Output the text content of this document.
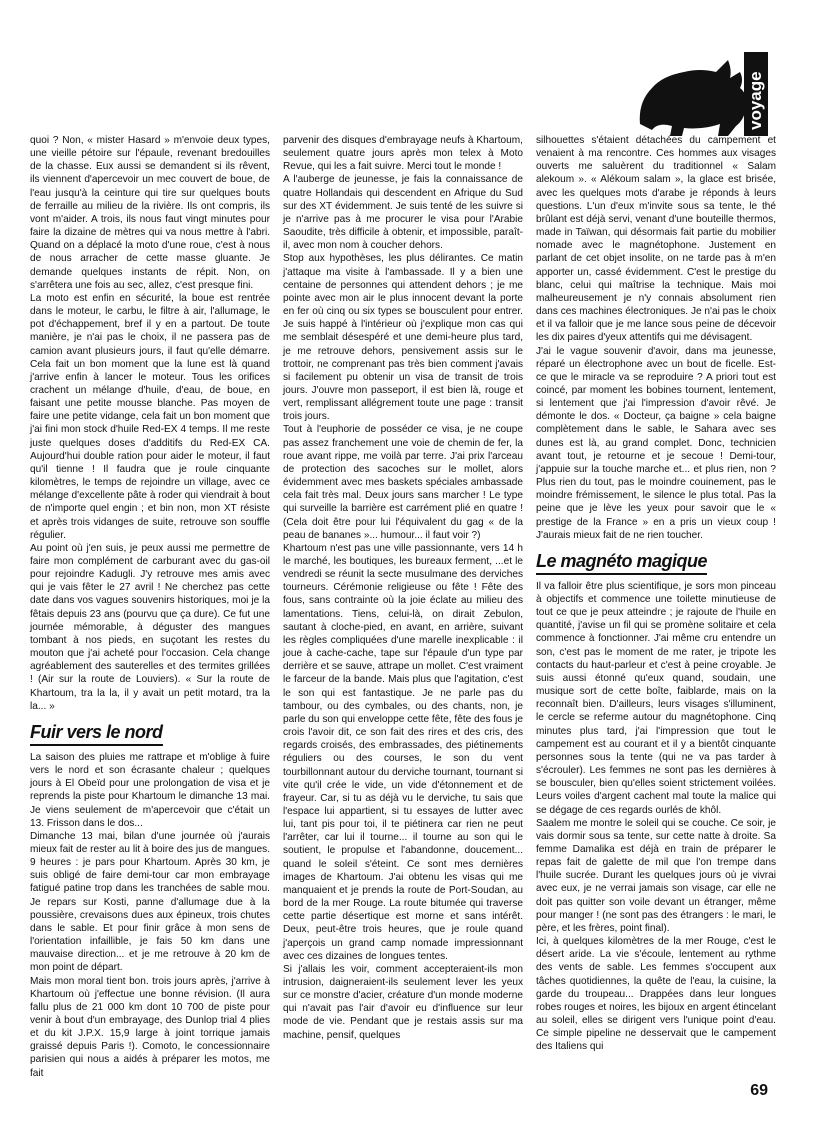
voyage

quoi ? Non, « mister Hasard » m'envoie deux types, une vieille pétoire sur l'épaule, revenant bredouilles de la chasse. Eux aussi se demandent si ils rêvent, ils viennent d'apercevoir un mec couvert de boue, de l'eau jusqu'à la ceinture qui tire sur quelques bouts de ferraille au milieu de la rivière. Ils ont compris, ils vont m'aider. A trois, ils nous faut vingt minutes pour faire la dizaine de mètres qui va nous mettre à l'abri. Quand on a déplacé la moto d'une roue, c'est à nous de nous arracher de cette masse gluante. Je demande quelques instants de répit. Non, on s'arrêtera une fois au sec, allez, c'est presque fini.

La moto est enfin en sécurité, la boue est rentrée dans le moteur, le carbu, le filtre à air, l'allumage, le pot d'échappement, bref il y en a partout. De toute manière, je n'ai pas le choix, il ne passera pas de camion avant plusieurs jours, il faut qu'elle démarre. Cela fait un bon moment que la lune est là quand j'arrive enfin à lancer le moteur. Tous les orifices crachent un mélange d'huile, d'eau, de boue, en faisant une petite mousse blanche. Pas moyen de faire une petite vidange, cela fait un bon moment que j'ai fini mon stock d'huile Red-EX 4 temps. Il me reste juste quelques doses d'additifs du Red-EX CA. Aujourd'hui double ration pour aider le moteur, il faut qu'il tienne ! Il faudra que je roule cinquante kilomètres, le temps de rejoindre un village, avec ce mélange d'excellente pâte à roder qui viendrait à bout de n'importe quel engin ; et bin non, mon XT résiste et après trois vidanges de suite, retrouve son souffle régulier.

Au point où j'en suis, je peux aussi me permettre de faire mon complément de carburant avec du gas-oil pour rejoindre Kadugli. J'y retrouve mes amis avec qui je vais fêter le 27 avril ! Ne cherchez pas cette date dans vos vagues souvenirs historiques, moi je la fêtais depuis 23 ans (pourvu que ça dure). Ce fut une journée mémorable, à déguster des mangues tombant à nos pieds, en suçotant les restes du mouton que j'ai acheté pour l'occasion. Cela change agréablement des sauterelles et des termites grillées ! (Air sur la route de Louviers). « Sur la route de Khartoum, tra la la, il y avait un petit motard, tra la la... »

Fuir vers le nord

La saison des pluies me rattrape et m'oblige à fuire vers le nord et son écrasante chaleur ; quelques jours à El Obeïd pour une prolongation de visa et je reprends la piste pour Khartoum le dimanche 13 mai. Je viens seulement de m'apercevoir que c'était un 13. Frisson dans le dos...

Dimanche 13 mai, bilan d'une journée où j'aurais mieux fait de rester au lit à boire des jus de mangues. 9 heures : je pars pour Khartoum. Après 30 km, je suis obligé de faire demi-tour car mon embrayage fatigué patine trop dans les tranchées de sable mou. Je repars sur Kosti, panne d'allumage due à la poussière, crevaisons dues aux épineux, trois chutes dans le sable. Et pour finir grâce à mon sens de l'orientation infaillible, je fais 50 km dans une mauvaise direction... et je me retrouve à 20 km de mon point de départ.

Mais mon moral tient bon. trois jours après, j'arrive à Khartoum où j'effectue une bonne révision. (Il aura fallu plus de 21 000 km dont 10 700 de piste pour venir à bout d'un embrayage, des Dunlop trial 4 plies et du kit J.P.X. 15,9 large à joint torrique jamais graissé depuis Paris !). Comoto, le concessionnaire parisien qui nous a aidés à préparer les motos, me fait

parvenir des disques d'embrayage neufs à Khartoum, seulement quatre jours après mon telex à Moto Revue, qui les a fait suivre. Merci tout le monde !

A l'auberge de jeunesse, je fais la connaissance de quatre Hollandais qui descendent en Afrique du Sud sur des XT évidemment. Je suis tenté de les suivre si je n'arrive pas à me procurer le visa pour l'Arabie Saoudite, très difficile à obtenir, et impossible, paraît-il, avec mon nom à coucher dehors.

Stop aux hypothèses, les plus délirantes. Ce matin j'attaque ma visite à l'ambassade. Il y a bien une centaine de personnes qui attendent dehors ; je me pointe avec mon air le plus innocent devant la porte en fer où cinq ou six types se bousculent pour entrer. Je suis happé à l'intérieur où j'explique mon cas qui me semblait désespéré et une demi-heure plus tard, je me retrouve dehors, pensivement assis sur le trottoir, ne comprenant pas très bien comment j'avais si facilement pu obtenir un visa de transit de trois jours. J'ouvre mon passeport, il est bien là, rouge et vert, remplissant allégrement toute une page : transit trois jours.

Tout à l'euphorie de posséder ce visa, je ne coupe pas assez franchement une voie de chemin de fer, la roue avant rippe, me voilà par terre. J'ai prix l'arceau de protection des sacoches sur le mollet, alors évidemment avec mes baskets spéciales ambassade cela fait très mal. Deux jours sans marcher ! Le type qui surveille la barrière est carrément plié en quatre ! (Cela doit être pour lui l'équivalent du gag « de la peau de bananes »... humour... il faut voir ?)

Khartoum n'est pas une ville passionnante, vers 14 h le marché, les boutiques, les bureaux ferment, ...et le vendredi se réunit la secte musulmane des derviches tourneurs. Cérémonie religieuse ou fête ! Fête des fous, sans contrainte où la joie éclate au milieu des lamentations. Tiens, celui-là, on dirait Zebulon, sautant à cloche-pied, en avant, en arrière, suivant les règles compliquées d'une marelle inexplicable : il joue à cache-cache, tape sur l'épaule d'un type par derrière et se sauve, attrape un mollet. C'est vraiment le farceur de la bande. Mais plus que l'agitation, c'est le son qui est fantastique. Je ne parle pas du tambour, ou des cymbales, ou des chants, non, je parle du son qui enveloppe cette fête, fête des fous je crois l'avoir dit, ce son fait des rires et des cris, des regards croisés, des embrassades, des piétinements réguliers ou des courses, le son du vent tourbillonnant autour du derviche tournant, tournant si vite qu'il crée le vide, un vide d'étonnement et de frayeur. Car, si tu as déjà vu le derviche, tu sais que l'espace lui appartient, si tu essayes de lutter avec lui, tant pis pour toi, il te piétinera car rien ne peut l'arrêter, car lui il tourne... il tourne au son qui le soutient, le propulse et l'abandonne, doucement... quand le soleil s'éteint. Ce sont mes dernières images de Khartoum. J'ai obtenu les visas qui me manquaient et je prends la route de Port-Soudan, au bord de la mer Rouge. La route bitumée qui traverse cette partie désertique est morne et sans intérêt. Deux, peut-être trois heures, que je roule quand j'aperçois un grand camp nomade impressionnant avec ces dizaines de longues tentes.

Si j'allais les voir, comment accepteraient-ils mon intrusion, daigneraient-ils seulement lever les yeux sur ce monstre d'acier, créature d'un monde moderne qui n'avait pas l'air d'avoir eu d'influence sur leur mode de vie. Pendant que je restais assis sur ma machine, pensif, quelques

silhouettes s'étaient détachées du campement et venaient à ma rencontre. Ces hommes aux visages ouverts me saluèrent du traditionnel « Salam alekoum ». « Alékoum salam », la glace est brisée, avec les quelques mots d'arabe je réponds à leurs questions. L'un d'eux m'invite sous sa tente, le thé brûlant est déjà servi, venant d'une bouteille thermos, made in Taïwan, qui désormais fait partie du mobilier nomade avec le magnétophone. Justement en parlant de cet objet insolite, on ne tarde pas à m'en apporter un, cassé évidemment. C'est le prestige du blanc, celui qui maîtrise la technique. Mais moi malheureusement je n'y connais absolument rien dans ces machines électroniques. Je n'ai pas le choix et il va falloir que je me lance sous peine de décevoir les dix paires d'yeux attentifs qui me dévisagent.

J'ai le vague souvenir d'avoir, dans ma jeunesse, réparé un électrophone avec un bout de ficelle. Est-ce que le miracle va se reproduire ? A priori tout est coincé, par moment les bobines tournent, lentement, si lentement que j'ai l'impression d'avoir rêvé. Je démonte le dos. « Docteur, ça baigne » cela baigne complètement dans le sable, le Sahara avec ses dunes est là, au grand complet. Donc, technicien avant tout, je retourne et je secoue ! Demi-tour, j'appuie sur la touche marche et... et plus rien, non ? Plus rien du tout, pas le moindre couinement, pas le moindre frémissement, le silence le plus total. Pas la peine que je lève les yeux pour savoir que le « prestige de la France » en a pris un vieux coup ! J'aurais mieux fait de ne rien toucher.

Le magnéto magique

Il va falloir être plus scientifique, je sors mon pinceau à objectifs et commence une toilette minutieuse de tout ce que je peux atteindre ; je rajoute de l'huile en quantité, j'avise un fil qui se promène solitaire et cela commence à fonctionner. J'ai même cru entendre un son, c'est pas le moment de me rater, je tripote les contacts du haut-parleur et c'est à peine croyable. Je suis aussi étonné qu'eux quand, soudain, une musique sort de cette boîte, faiblarde, mais on la reconnaît bien. D'ailleurs, leurs visages s'illuminent, le cercle se referme autour du magnétophone. Cinq minutes plus tard, j'ai l'impression que tout le campement est au courant et il y a bientôt cinquante personnes sous la tente (qui ne va pas tarder à s'écrouler). Les femmes ne sont pas les dernières à se bousculer, bien qu'elles soient strictement voilées. Leurs voiles d'argent cachent mal toute la malice qui se dégage de ces regards ourlés de khôl.

Saalem me montre le soleil qui se couche. Ce soir, je vais dormir sous sa tente, sur cette natte à droite. Sa femme Damalika est déjà en train de préparer le repas fait de galette de mil que l'on trempe dans l'huile sucrée. Durant les quelques jours où je vivrai avec eux, je ne verrai jamais son visage, car elle ne doit pas quitter son voile devant un étranger, même pour manger ! (ne sont pas des étrangers : le mari, le père, et les frères, point final).

Ici, à quelques kilomètres de la mer Rouge, c'est le désert aride. La vie s'écoule, lentement au rythme des vents de sable. Les femmes s'occupent aux tâches quotidiennes, la quête de l'eau, la cuisine, la garde du troupeau... Drappées dans leur longues robes rouges et noires, les bijoux en argent étincelant au soleil, elles se dirigent vers l'unique point d'eau. Ce simple pipeline ne desservait que le campement des Italiens qui

69
